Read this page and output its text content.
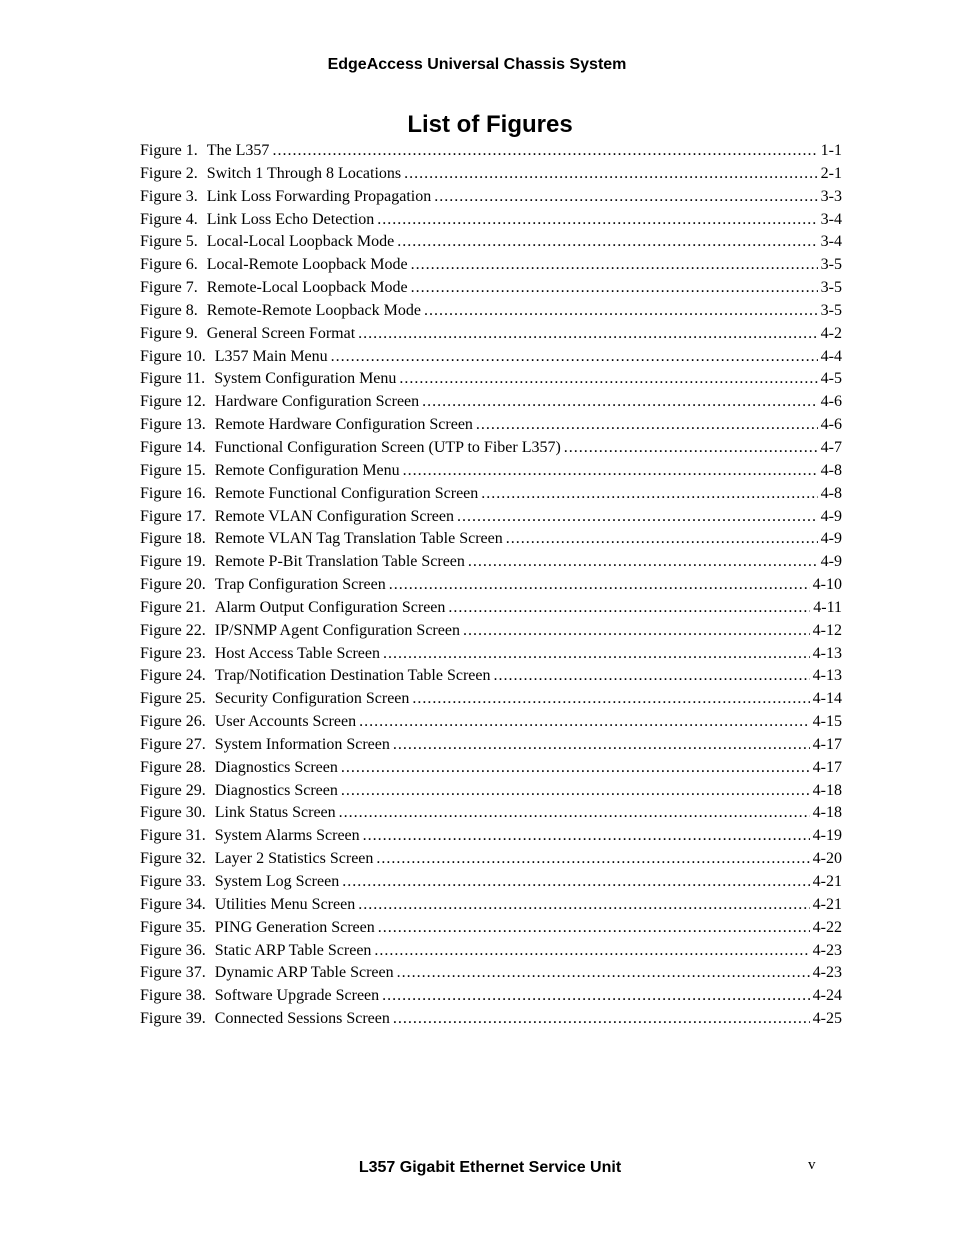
EdgeAccess Universal Chassis System
List of Figures
Figure 1. The L357 .....	1-1
Figure 2. Switch 1 Through 8 Locations .....	2-1
Figure 3. Link Loss Forwarding Propagation .....	3-3
Figure 4. Link Loss Echo Detection .....	3-4
Figure 5. Local-Local Loopback Mode .....	3-4
Figure 6. Local-Remote Loopback Mode .....	3-5
Figure 7. Remote-Local Loopback Mode .....	3-5
Figure 8. Remote-Remote Loopback Mode .....	3-5
Figure 9. General Screen Format .....	4-2
Figure 10. L357 Main Menu .....	4-4
Figure 11. System Configuration Menu .....	4-5
Figure 12. Hardware Configuration Screen .....	4-6
Figure 13. Remote Hardware Configuration Screen .....	4-6
Figure 14. Functional Configuration Screen (UTP to Fiber L357) .....	4-7
Figure 15. Remote Configuration Menu .....	4-8
Figure 16. Remote Functional Configuration Screen .....	4-8
Figure 17. Remote VLAN Configuration Screen .....	4-9
Figure 18. Remote VLAN Tag Translation Table Screen .....	4-9
Figure 19. Remote P-Bit Translation Table Screen .....	4-9
Figure 20. Trap Configuration Screen .....	4-10
Figure 21. Alarm Output Configuration Screen .....	4-11
Figure 22. IP/SNMP Agent Configuration Screen .....	4-12
Figure 23. Host Access Table Screen .....	4-13
Figure 24. Trap/Notification Destination Table Screen .....	4-13
Figure 25. Security Configuration Screen .....	4-14
Figure 26. User Accounts Screen .....	4-15
Figure 27. System Information Screen .....	4-17
Figure 28. Diagnostics Screen .....	4-17
Figure 29. Diagnostics Screen .....	4-18
Figure 30. Link Status Screen .....	4-18
Figure 31. System Alarms Screen .....	4-19
Figure 32. Layer 2 Statistics Screen .....	4-20
Figure 33. System Log Screen .....	4-21
Figure 34. Utilities Menu Screen .....	4-21
Figure 35. PING Generation Screen .....	4-22
Figure 36. Static ARP Table Screen .....	4-23
Figure 37. Dynamic ARP Table Screen .....	4-23
Figure 38. Software Upgrade Screen .....	4-24
Figure 39. Connected Sessions Screen .....	4-25
L357 Gigabit Ethernet Service Unit	v
